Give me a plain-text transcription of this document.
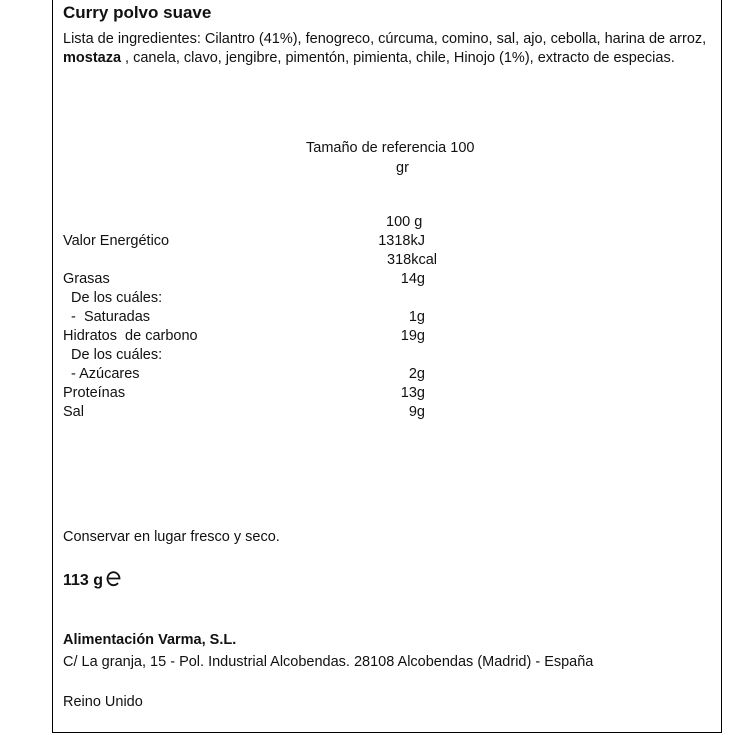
Curry polvo suave
Lista de ingredientes: Cilantro (41%), fenogreco, cúrcuma, comino, sal, ajo, cebolla, harina de arroz, mostaza , canela, clavo, jengibre, pimentón, pimienta, chile, Hinojo (1%), extracto de especias.
Tamaño de referencia 100
gr
100 g
Valor Energético	1318kJ
318kcal
Grasas	14g
De los cuáles:
-  Saturadas	1g
Hidratos  de carbono	19g
De los cuáles:
- Azúcares	2g
Proteínas	13g
Sal	9g
Conservar en lugar fresco y seco.
113 g
Alimentación Varma, S.L.
C/ La granja, 15 - Pol. Industrial Alcobendas. 28108 Alcobendas (Madrid) - España
Reino Unido
